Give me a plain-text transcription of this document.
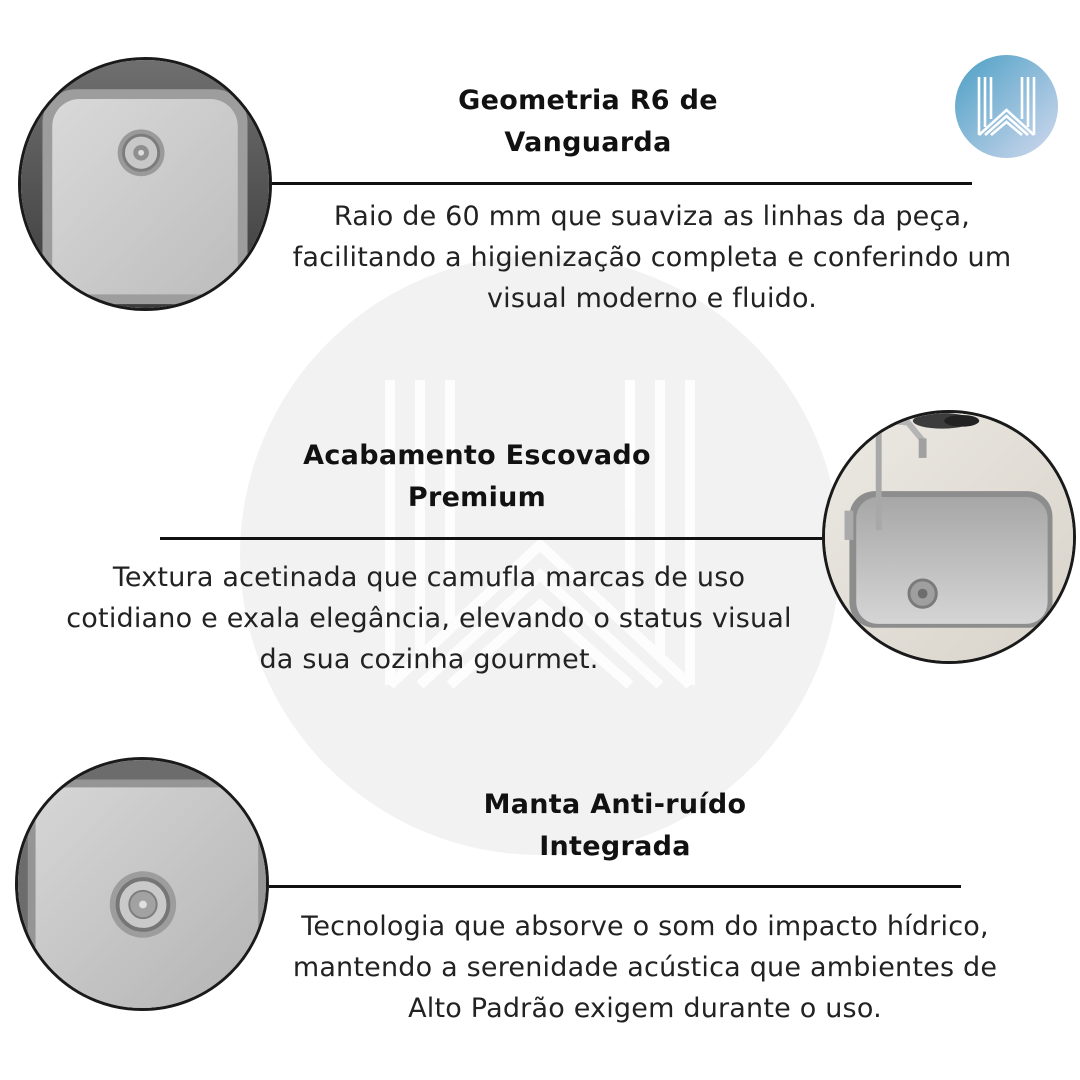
Geometria R6 de
Vanguarda
Raio de 60 mm que suaviza as linhas da peça,
facilitando a higienização completa e conferindo um
visual moderno e fluido.
Acabamento Escovado
Premium
Textura acetinada que camufla marcas de uso
cotidiano e exala elegância, elevando o status visual
da sua cozinha gourmet.
Manta Anti-ruído
Integrada
Tecnologia que absorve o som do impacto hídrico,
mantendo a serenidade acústica que ambientes de
Alto Padrão exigem durante o uso.
